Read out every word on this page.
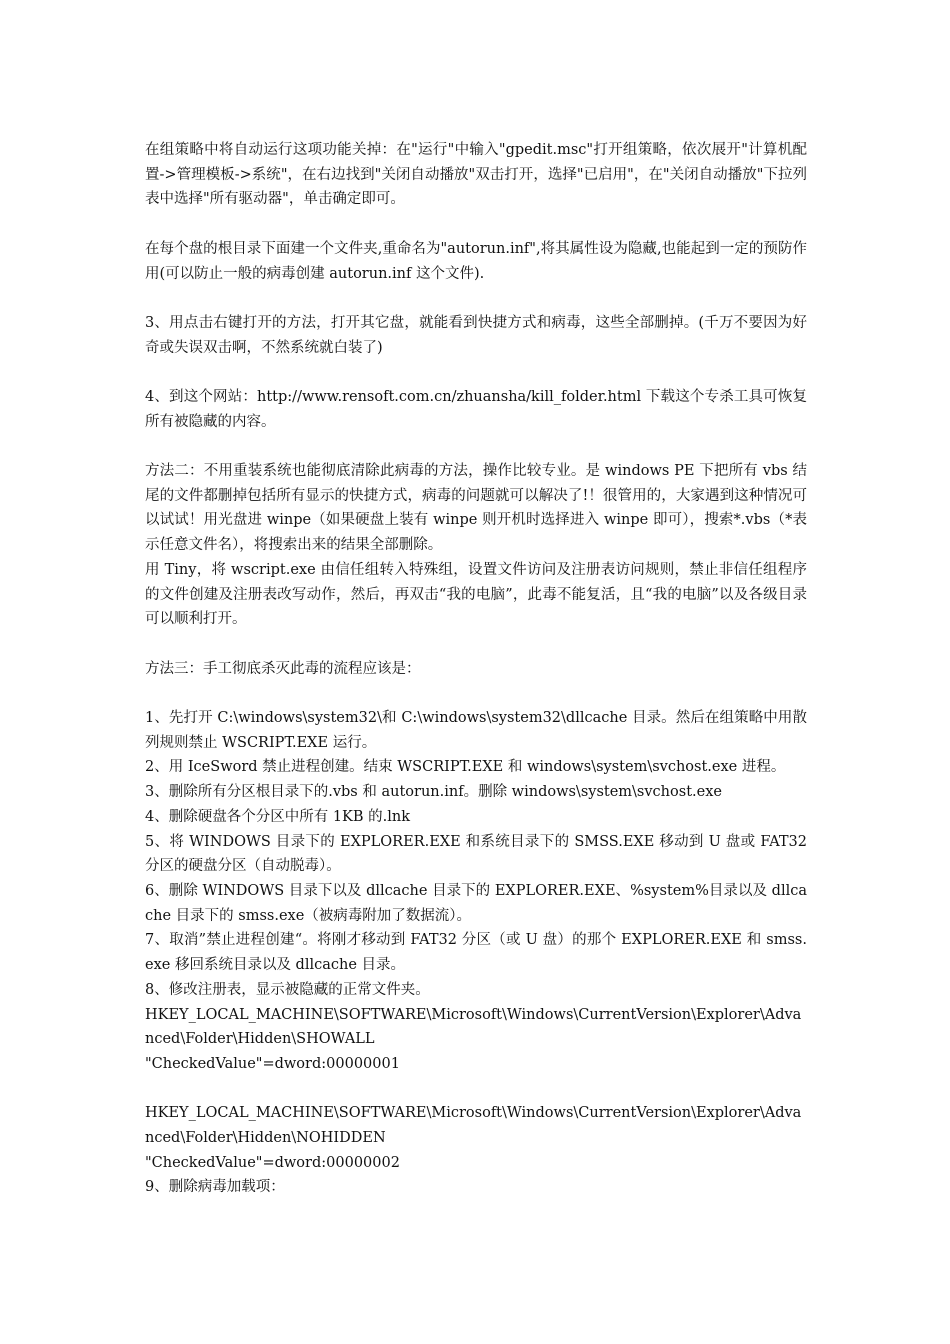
在组策略中将自动运行这项功能关掉：在"运行"中输入"gpedit.msc"打开组策略，依次展开"计算机配置->管理模板->系统"，在右边找到"关闭自动播放"双击打开，选择"已启用"，在"关闭自动播放"下拉列表中选择"所有驱动器"，单击确定即可。

在每个盘的根目录下面建一个文件夹,重命名为"autorun.inf",将其属性设为隐藏,也能起到一定的预防作用(可以防止一般的病毒创建 autorun.inf 这个文件).

3、用点击右键打开的方法，打开其它盘，就能看到快捷方式和病毒，这些全部删掉。(千万不要因为好奇或失误双击啊，不然系统就白装了)

4、到这个网站：http://www.rensoft.com.cn/zhuansha/kill_folder.html 下载这个专杀工具可恢复所有被隐藏的内容。

方法二：不用重装系统也能彻底清除此病毒的方法，操作比较专业。是 windows PE 下把所有 vbs 结尾的文件都删掉包括所有显示的快捷方式，病毒的问题就可以解决了!！很管用的，大家遇到这种情况可以试试！用光盘进 winpe（如果硬盘上装有 winpe 则开机时选择进入 winpe 即可），搜索*.vbs（*表示任意文件名），将搜索出来的结果全部删除。

用 Tiny，将 wscript.exe 由信任组转入特殊组，设置文件访问及注册表访问规则，禁止非信任组程序的文件创建及注册表改写动作，然后，再双击“我的电脑”，此毒不能复活，且“我的电脑”以及各级目录可以顺利打开。

方法三：手工彻底杀灭此毒的流程应该是：

1、先打开 C:\windows\system32\和 C:\windows\system32\dllcache 目录。然后在组策略中用散列规则禁止 WSCRIPT.EXE 运行。

2、用 IceSword 禁止进程创建。结束 WSCRIPT.EXE 和 windows\system\svchost.exe 进程。

3、删除所有分区根目录下的.vbs 和 autorun.inf。删除 windows\system\svchost.exe

4、删除硬盘各个分区中所有 1KB 的.lnk

5、将 WINDOWS 目录下的 EXPLORER.EXE 和系统目录下的 SMSS.EXE 移动到 U 盘或 FAT32 分区的硬盘分区（自动脱毒）。

6、删除 WINDOWS 目录下以及 dllcache 目录下的 EXPLORER.EXE、%system%目录以及 dllcache 目录下的 smss.exe（被病毒附加了数据流）。

7、取消”禁止进程创建“。将刚才移动到 FAT32 分区（或 U 盘）的那个 EXPLORER.EXE 和 smss.exe 移回系统目录以及 dllcache 目录。

8、修改注册表，显示被隐藏的正常文件夹。

HKEY_LOCAL_MACHINE\SOFTWARE\Microsoft\Windows\CurrentVersion\Explorer\Advanced\Folder\Hidden\SHOWALL

"CheckedValue"=dword:00000001

HKEY_LOCAL_MACHINE\SOFTWARE\Microsoft\Windows\CurrentVersion\Explorer\Advanced\Folder\Hidden\NOHIDDEN

"CheckedValue"=dword:00000002

9、删除病毒加载项：
